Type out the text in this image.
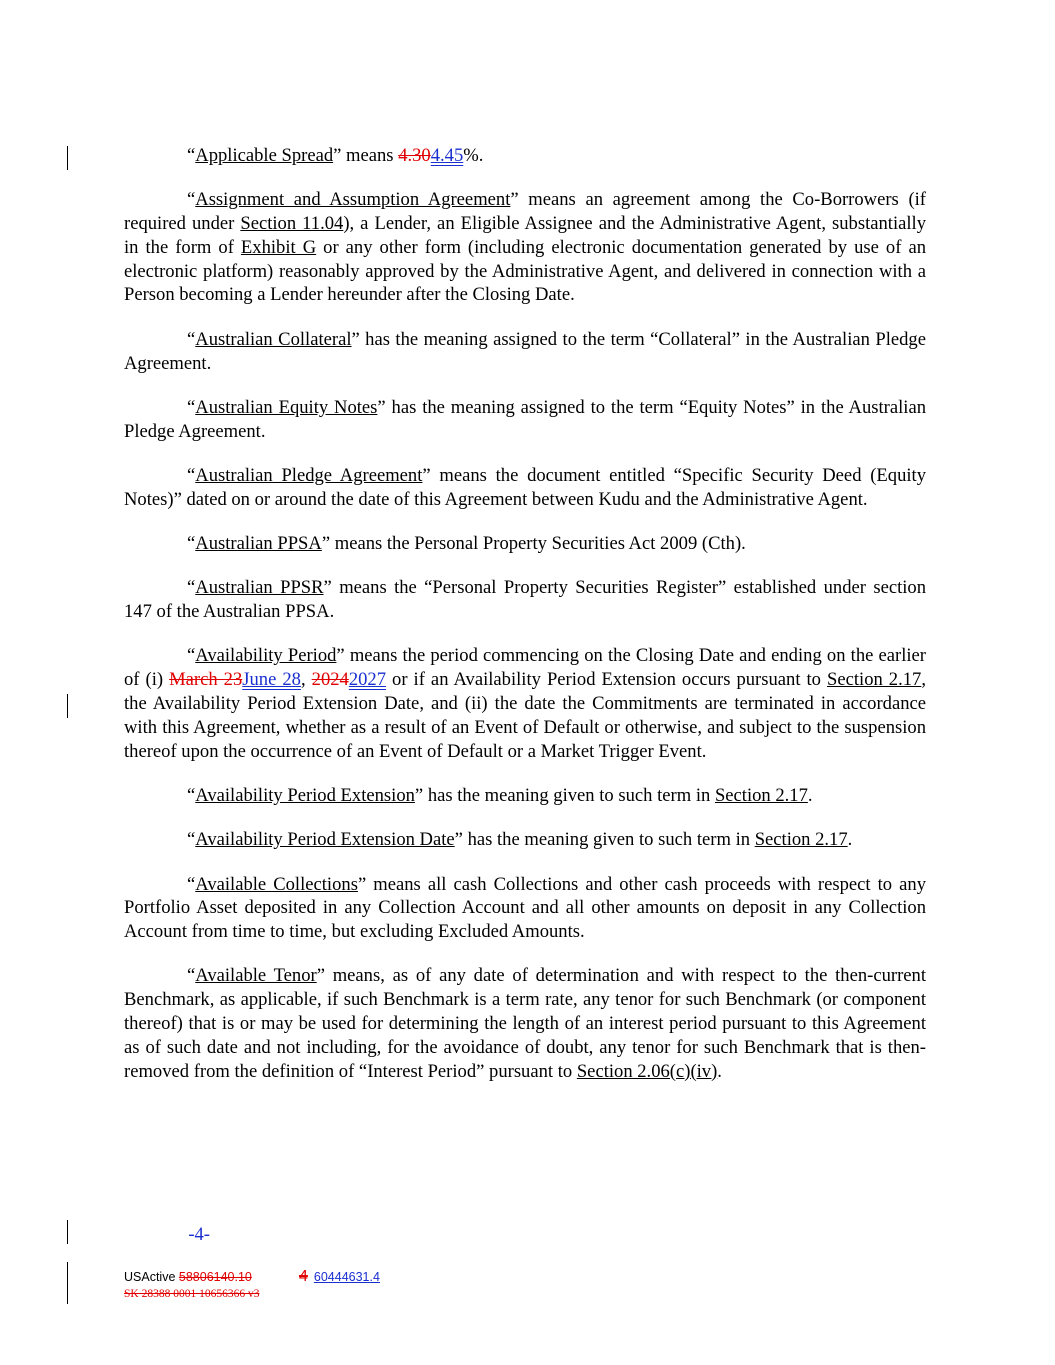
“Applicable Spread” means 4.304.45%.

“Assignment and Assumption Agreement” means an agreement among the Co-Borrowers (if required under Section 11.04), a Lender, an Eligible Assignee and the Administrative Agent, substantially in the form of Exhibit G or any other form (including electronic documentation generated by use of an electronic platform) reasonably approved by the Administrative Agent, and delivered in connection with a Person becoming a Lender hereunder after the Closing Date.

“Australian Collateral” has the meaning assigned to the term “Collateral” in the Australian Pledge Agreement.

“Australian Equity Notes” has the meaning assigned to the term “Equity Notes” in the Australian Pledge Agreement.

“Australian Pledge Agreement” means the document entitled “Specific Security Deed (Equity Notes)” dated on or around the date of this Agreement between Kudu and the Administrative Agent.

“Australian PPSA” means the Personal Property Securities Act 2009 (Cth).

“Australian PPSR” means the “Personal Property Securities Register” established under section 147 of the Australian PPSA.

“Availability Period” means the period commencing on the Closing Date and ending on the earlier of (i) March 23June 28, 20242027 or if an Availability Period Extension occurs pursuant to Section 2.17, the Availability Period Extension Date, and (ii) the date the Commitments are terminated in accordance with this Agreement, whether as a result of an Event of Default or otherwise, and subject to the suspension thereof upon the occurrence of an Event of Default or a Market Trigger Event.

“Availability Period Extension” has the meaning given to such term in Section 2.17.

“Availability Period Extension Date” has the meaning given to such term in Section 2.17.

“Available Collections” means all cash Collections and other cash proceeds with respect to any Portfolio Asset deposited in any Collection Account and all other amounts on deposit in any Collection Account from time to time, but excluding Excluded Amounts.

“Available Tenor” means, as of any date of determination and with respect to the then-current Benchmark, as applicable, if such Benchmark is a term rate, any tenor for such Benchmark (or component thereof) that is or may be used for determining the length of an interest period pursuant to this Agreement as of such date and not including, for the avoidance of doubt, any tenor for such Benchmark that is then-removed from the definition of “Interest Period” pursuant to Section 2.06(c)(iv).

-4-
USActive 58806140.10	4 60444631.4
SK 28388 0001 10656366 v3
